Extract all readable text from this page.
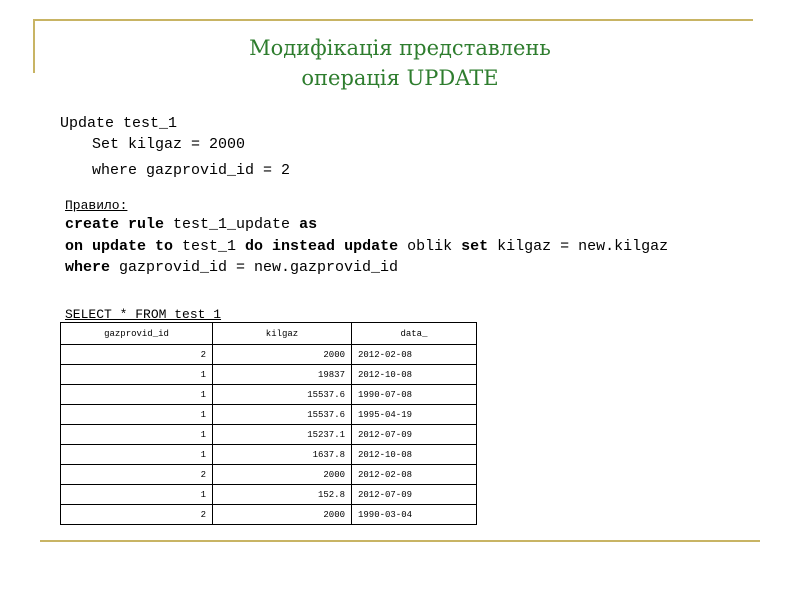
Модифікація представлень
операція UPDATE
Update test_1
Set kilgaz = 2000
where gazprovid_id = 2
Правило:
create rule test_1_update as
on update to test_1 do instead update oblik set kilgaz = new.kilgaz
where gazprovid_id = new.gazprovid_id
SELECT * FROM test_1
gazprovid_id	kilgaz	data_
2	2000	2012-02-08
1	19837	2012-10-08
1	15537.6	1990-07-08
1	15537.6	1995-04-19
1	15237.1	2012-07-09
1	1637.8	2012-10-08
2	2000	2012-02-08
1	152.8	2012-07-09
2	2000	1990-03-04
